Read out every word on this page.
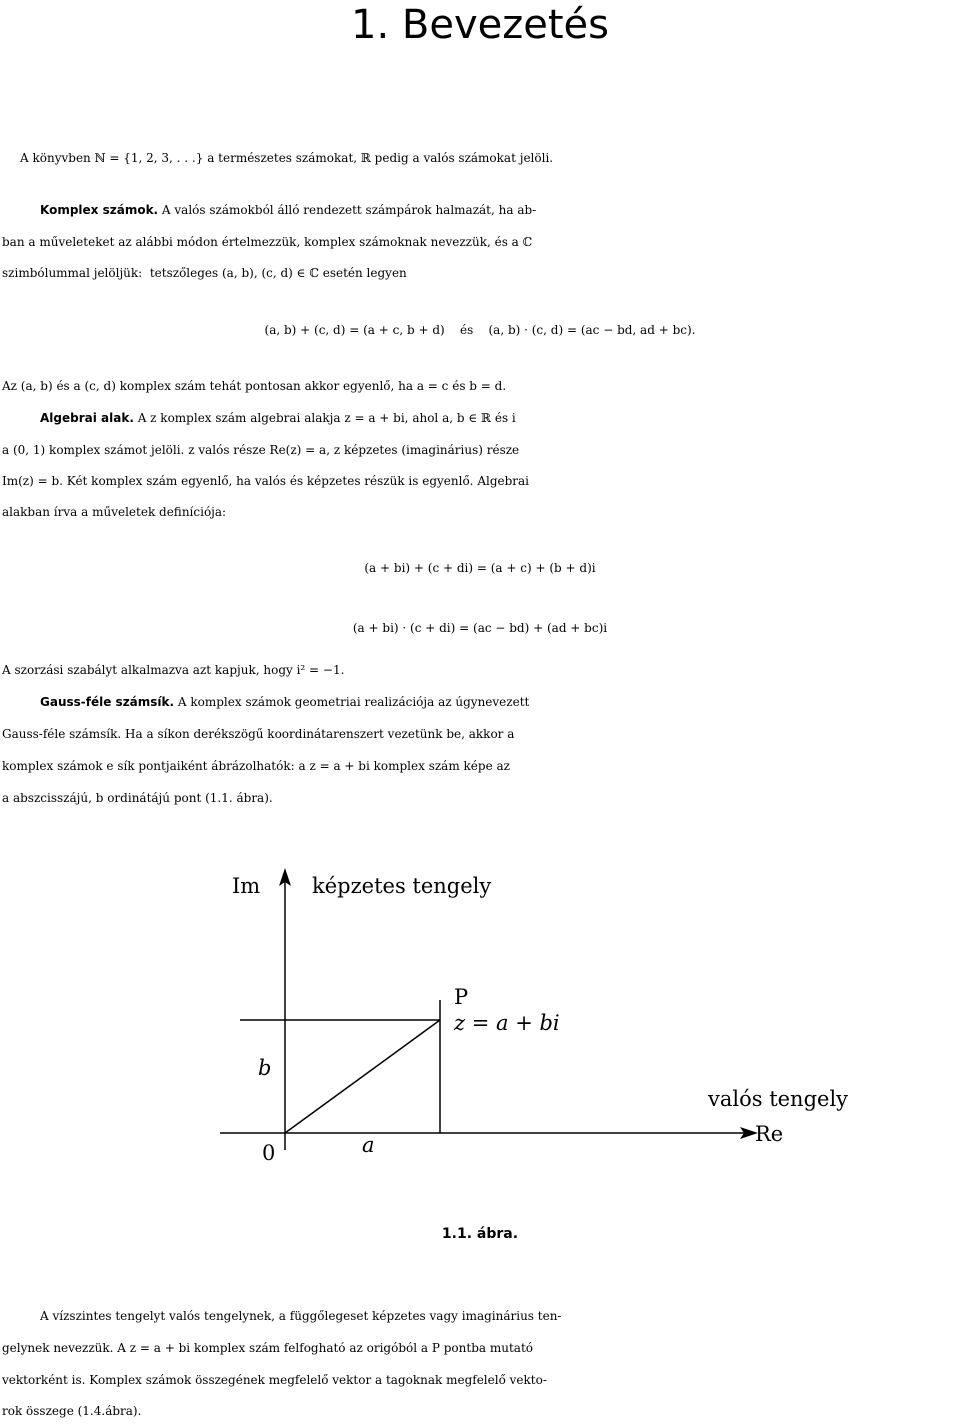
1. Bevezetés
A könyvben ℕ = {1, 2, 3, . . .} a természetes számokat, ℝ pedig a valós számokat jelöli.
Komplex számok. A valós számokból álló rendezett számpárok halmazát, ha ab-
ban a műveleteket az alábbi módon értelmezzük, komplex számoknak nevezzük, és a ℂ
szimbólummal jelöljük:  tetszőleges (a, b), (c, d) ∈ ℂ esetén legyen
(a, b) + (c, d) = (a + c, b + d)    és    (a, b) · (c, d) = (ac − bd, ad + bc).
Az (a, b) és a (c, d) komplex szám tehát pontosan akkor egyenlő, ha a = c és b = d.
Algebrai alak. A z komplex szám algebrai alakja z = a + bi, ahol a, b ∈ ℝ és i
a (0, 1) komplex számot jelöli. z valós része Re(z) = a, z képzetes (imaginárius) része
Im(z) = b. Két komplex szám egyenlő, ha valós és képzetes részük is egyenlő. Algebrai
alakban írva a műveletek definíciója:
(a + bi) + (c + di) = (a + c) + (b + d)i
(a + bi) · (c + di) = (ac − bd) + (ad + bc)i
A szorzási szabályt alkalmazva azt kapjuk, hogy i² = −1.
Gauss-féle számsík. A komplex számok geometriai realizációja az úgynevezett
Gauss-féle számsík. Ha a síkon derékszögű koordinátarenszert vezetünk be, akkor a
komplex számok e sík pontjaiként ábrázolhatók: a z = a + bi komplex szám képe az
a abszcisszájú, b ordinátájú pont (1.1. ábra).
Im képzetes tengely
P
z = a + bi
b
valós tengely
Re
0	a
1.1. ábra.
A vízszintes tengelyt valós tengelynek, a függőlegeset képzetes vagy imaginárius ten-
gelynek nevezzük. A z = a + bi komplex szám felfogható az origóból a P pontba mutató
vektorként is. Komplex számok összegének megfelelő vektor a tagoknak megfelelő vekto-
rok összege (1.4.ábra).
